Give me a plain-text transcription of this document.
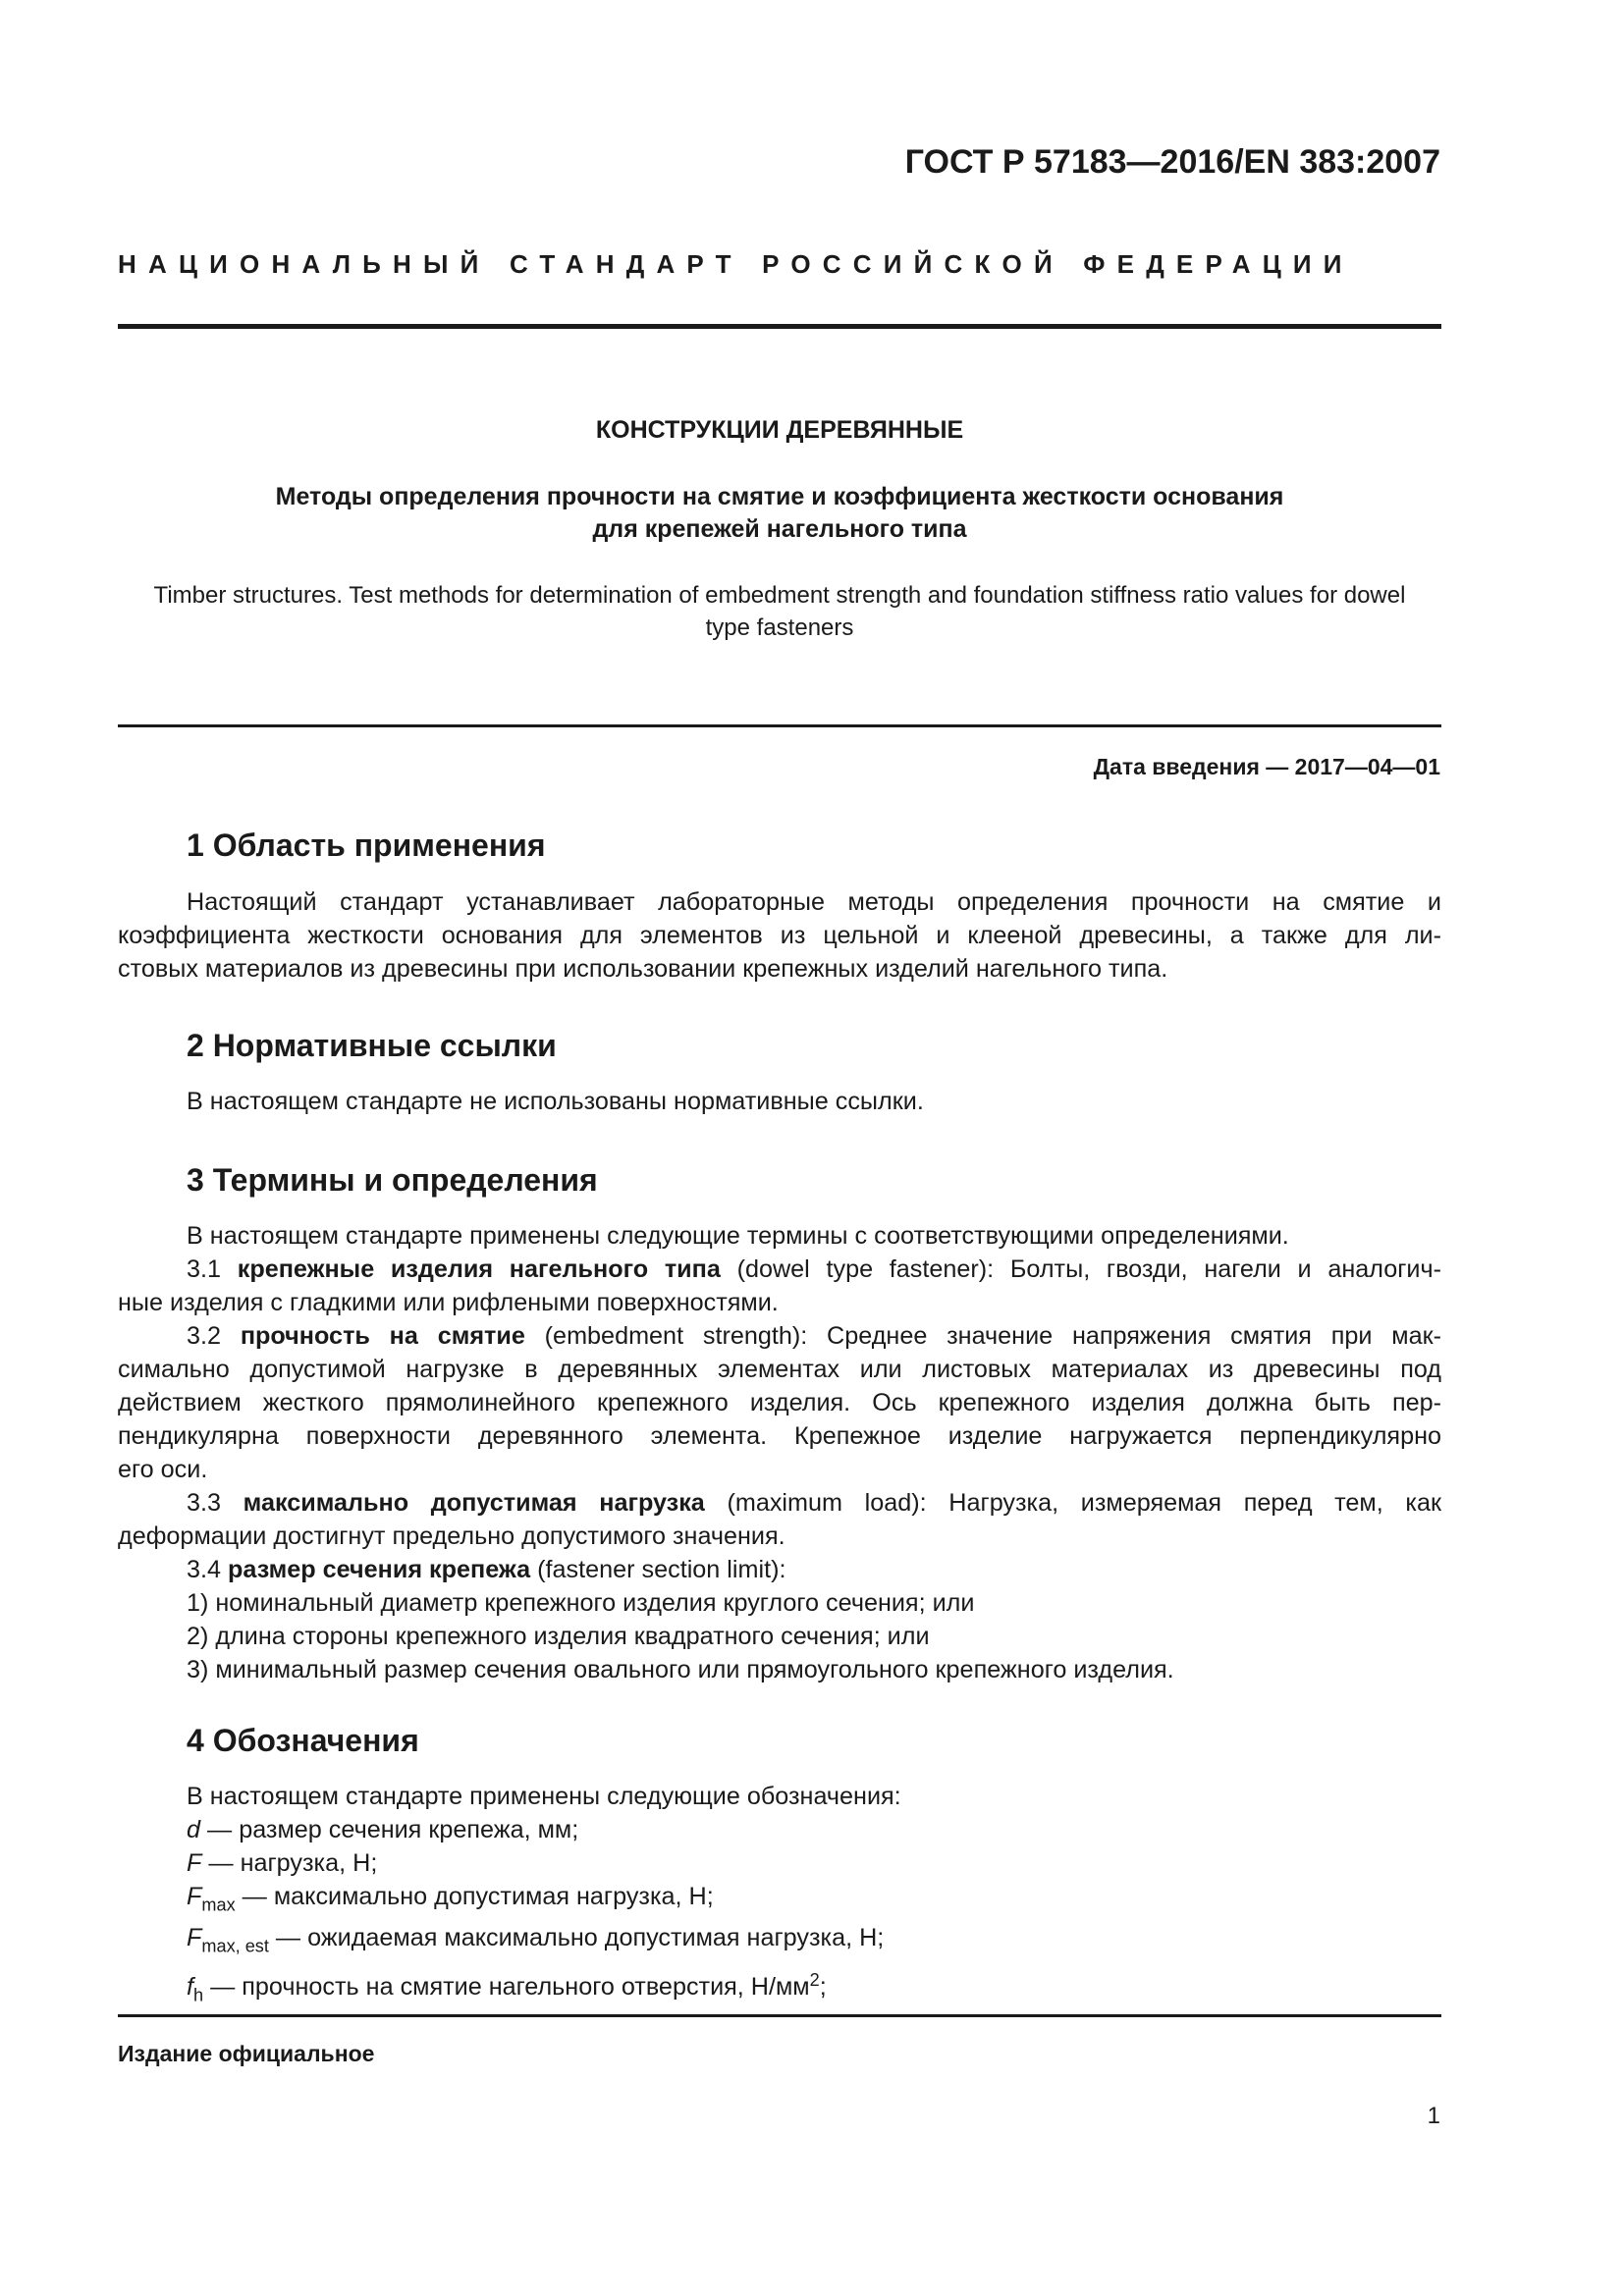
ГОСТ Р 57183—2016/EN 383:2007
НАЦИОНАЛЬНЫЙ СТАНДАРТ РОССИЙСКОЙ ФЕДЕРАЦИИ
КОНСТРУКЦИИ ДЕРЕВЯННЫЕ
Методы определения прочности на смятие и коэффициента жесткости основания
для крепежей нагельного типа
Timber structures. Test methods for determination of embedment strength and foundation stiffness ratio values for dowel
type fasteners
Дата введения — 2017—04—01
1 Область применения

Настоящий стандарт устанавливает лабораторные методы определения прочности на смятие и

коэффициента жесткости основания для элементов из цельной и клееной древесины, а также для ли-

стовых материалов из древесины при использовании крепежных изделий нагельного типа.

2 Нормативные ссылки

В настоящем стандарте не использованы нормативные ссылки.

3 Термины и определения

В настоящем стандарте применены следующие термины с соответствующими определениями.

3.1 крепежные изделия нагельного типа (dowel type fastener): Болты, гвозди, нагели и аналогич-

ные изделия с гладкими или рифлеными поверхностями.

3.2 прочность на смятие (embedment strength): Среднее значение напряжения смятия при мак-

симально допустимой нагрузке в деревянных элементах или листовых материалах из древесины под

действием жесткого прямолинейного крепежного изделия. Ось крепежного изделия должна быть пер-

пендикулярна поверхности деревянного элемента. Крепежное изделие нагружается перпендикулярно

его оси.

3.3 максимально допустимая нагрузка (maximum load): Нагрузка, измеряемая перед тем, как

деформации достигнут предельно допустимого значения.

3.4 размер сечения крепежа (fastener section limit):

1) номинальный диаметр крепежного изделия круглого сечения; или

2) длина стороны крепежного изделия квадратного сечения; или

3) минимальный размер сечения овального или прямоугольного крепежного изделия.

4 Обозначения

В настоящем стандарте применены следующие обозначения:

d — размер сечения крепежа, мм;

F — нагрузка, Н;

$F_{max}$ — максимально допустимая нагрузка, Н;

$F_{max, est}$ — ожидаемая максимально допустимая нагрузка, Н;

$f_h$ — прочность на смятие нагельного отверстия, $Н/мм^2$;

Издание официальное
1
